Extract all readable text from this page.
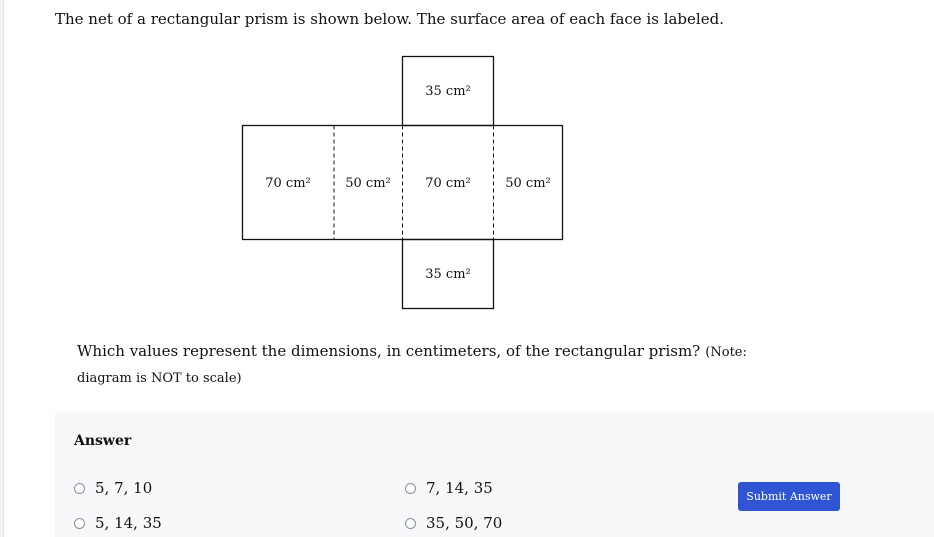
The net of a rectangular prism is shown below. The surface area of each face is labeled.

35 cm²
70 cm²	50 cm²	70 cm²	50 cm²
35 cm²

Which values represent the dimensions, in centimeters, of the rectangular prism? (Note: diagram is NOT to scale)

Answer

5, 7, 10	7, 14, 35
5, 14, 35	35, 50, 70
Submit Answer
